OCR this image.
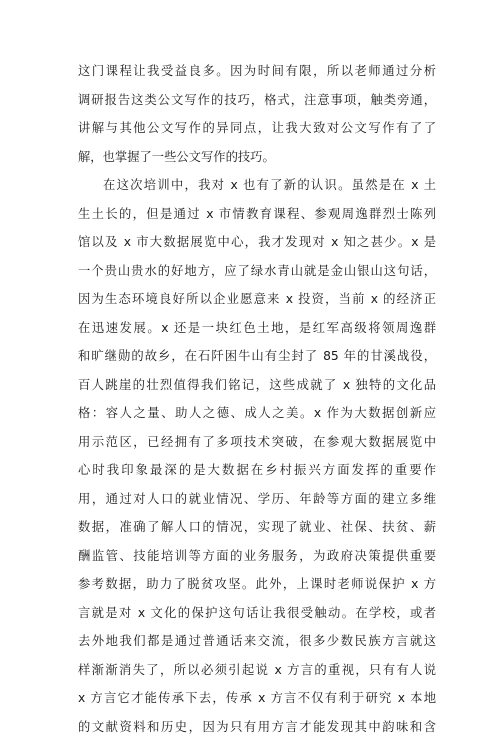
这门课程让我受益良多。因为时间有限，所以老师通过分析
调研报告这类公文写作的技巧，格式，注意事项，触类旁通，
讲解与其他公文写作的异同点，让我大致对公文写作有了了
解，也掌握了一些公文写作的技巧。
在这次培训中，我对 x 也有了新的认识。虽然是在 x 土
生土长的，但是通过 x 市情教育课程、参观周逸群烈士陈列
馆以及 x 市大数据展览中心，我才发现对 x 知之甚少。x 是
一个贵山贵水的好地方，应了绿水青山就是金山银山这句话，
因为生态环境良好所以企业愿意来 x 投资，当前 x 的经济正
在迅速发展。x 还是一块红色土地，是红军高级将领周逸群
和旷继勋的故乡，在石阡困牛山有尘封了 85 年的甘溪战役，
百人跳崖的壮烈值得我们铭记，这些成就了 x 独特的文化品
格：容人之量、助人之德、成人之美。x 作为大数据创新应
用示范区，已经拥有了多项技术突破，在参观大数据展览中
心时我印象最深的是大数据在乡村振兴方面发挥的重要作
用，通过对人口的就业情况、学历、年龄等方面的建立多维
数据，准确了解人口的情况，实现了就业、社保、扶贫、薪
酬监管、技能培训等方面的业务服务，为政府决策提供重要
参考数据，助力了脱贫攻坚。此外，上课时老师说保护 x 方
言就是对 x 文化的保护这句话让我很受触动。在学校，或者
去外地我们都是通过普通话来交流，很多少数民族方言就这
样渐渐消失了，所以必须引起说 x 方言的重视，只有有人说
x 方言它才能传承下去，传承 x 方言不仅有利于研究 x 本地
的文献资料和历史，因为只有用方言才能发现其中韵味和含
